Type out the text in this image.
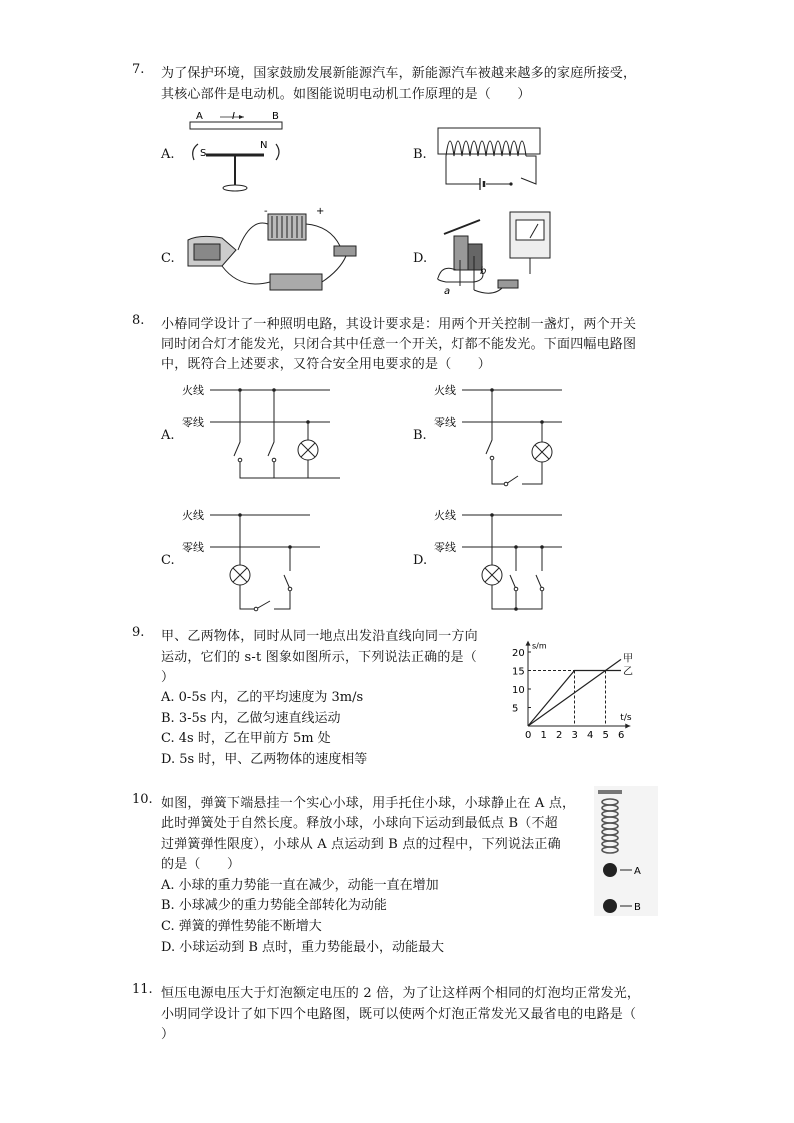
7. 为了保护环境，国家鼓励发展新能源汽车，新能源汽车被越来越多的家庭所接受，
其核心部件是电动机。如图能说明电动机工作原理的是（　　）
A.	B.
C.	D.
A	B
I
S
N
+
-
a
b
8. 小椿同学设计了一种照明电路，其设计要求是：用两个开关控制一盏灯，两个开关
同时闭合灯才能发光，只闭合其中任意一个开关，灯都不能发光。下面四幅电路图
中，既符合上述要求，又符合安全用电要求的是（　　）
A.	B.
C.	D.
火线
零线
火线
零线
火线
零线
火线
零线
9. 甲、乙两物体，同时从同一地点出发沿直线向同一方向
运动，它们的 s-t 图象如图所示，下列说法正确的是（
）
A. 0-5s 内，乙的平均速度为 3m/s
B. 3-5s 内，乙做匀速直线运动
C. 4s 时，乙在甲前方 5m 处
D. 5s 时，甲、乙两物体的速度相等
0 1 2 3 4 5 6
5
10
15
20
s/m
t/s
甲
乙
10. 如图，弹簧下端悬挂一个实心小球，用手托住小球，小球静止在 A 点，
此时弹簧处于自然长度。释放小球，小球向下运动到最低点 B（不超
过弹簧弹性限度），小球从 A 点运动到 B 点的过程中，下列说法正确
的是（　　）
A. 小球的重力势能一直在减少，动能一直在增加
B. 小球减少的重力势能全部转化为动能
C. 弹簧的弹性势能不断增大
D. 小球运动到 B 点时，重力势能最小，动能最大
A
B
11. 恒压电源电压大于灯泡额定电压的 2 倍，为了让这样两个相同的灯泡均正常发光，
小明同学设计了如下四个电路图，既可以使两个灯泡正常发光又最省电的电路是（
）
